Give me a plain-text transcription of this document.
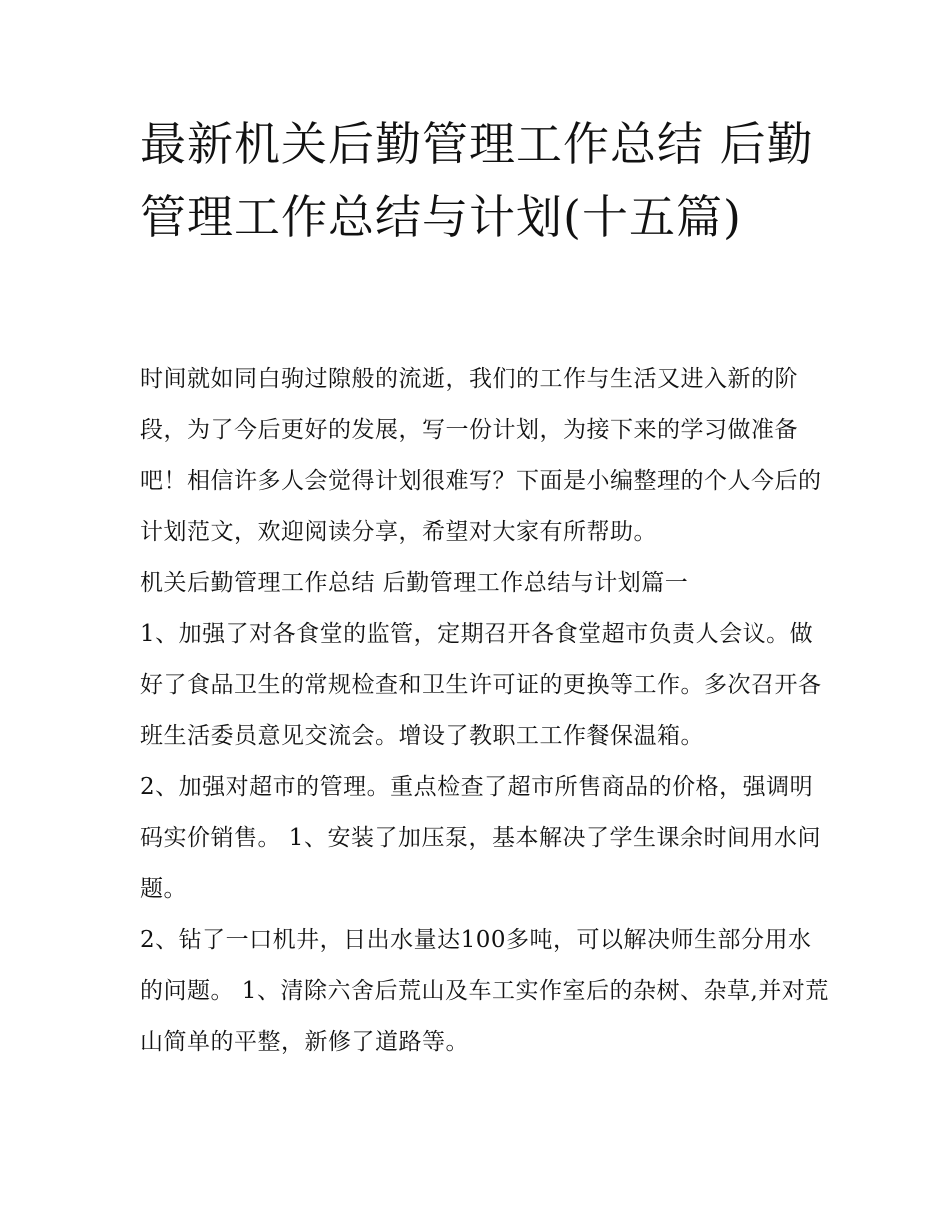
最新机关后勤管理工作总结 后勤管理工作总结与计划(十五篇)

时间就如同白驹过隙般的流逝，我们的工作与生活又进入新的阶段，为了今后更好的发展，写一份计划，为接下来的学习做准备吧！相信许多人会觉得计划很难写？下面是小编整理的个人今后的计划范文，欢迎阅读分享，希望对大家有所帮助。

机关后勤管理工作总结 后勤管理工作总结与计划篇一

1、加强了对各食堂的监管，定期召开各食堂超市负责人会议。做好了食品卫生的常规检查和卫生许可证的更换等工作。多次召开各班生活委员意见交流会。增设了教职工工作餐保温箱。

2、加强对超市的管理。重点检查了超市所售商品的价格，强调明码实价销售。 1、安装了加压泵，基本解决了学生课余时间用水问题。

2、钻了一口机井，日出水量达100多吨，可以解决师生部分用水的问题。 1、清除六舍后荒山及车工实作室后的杂树、杂草,并对荒山简单的平整，新修了道路等。
